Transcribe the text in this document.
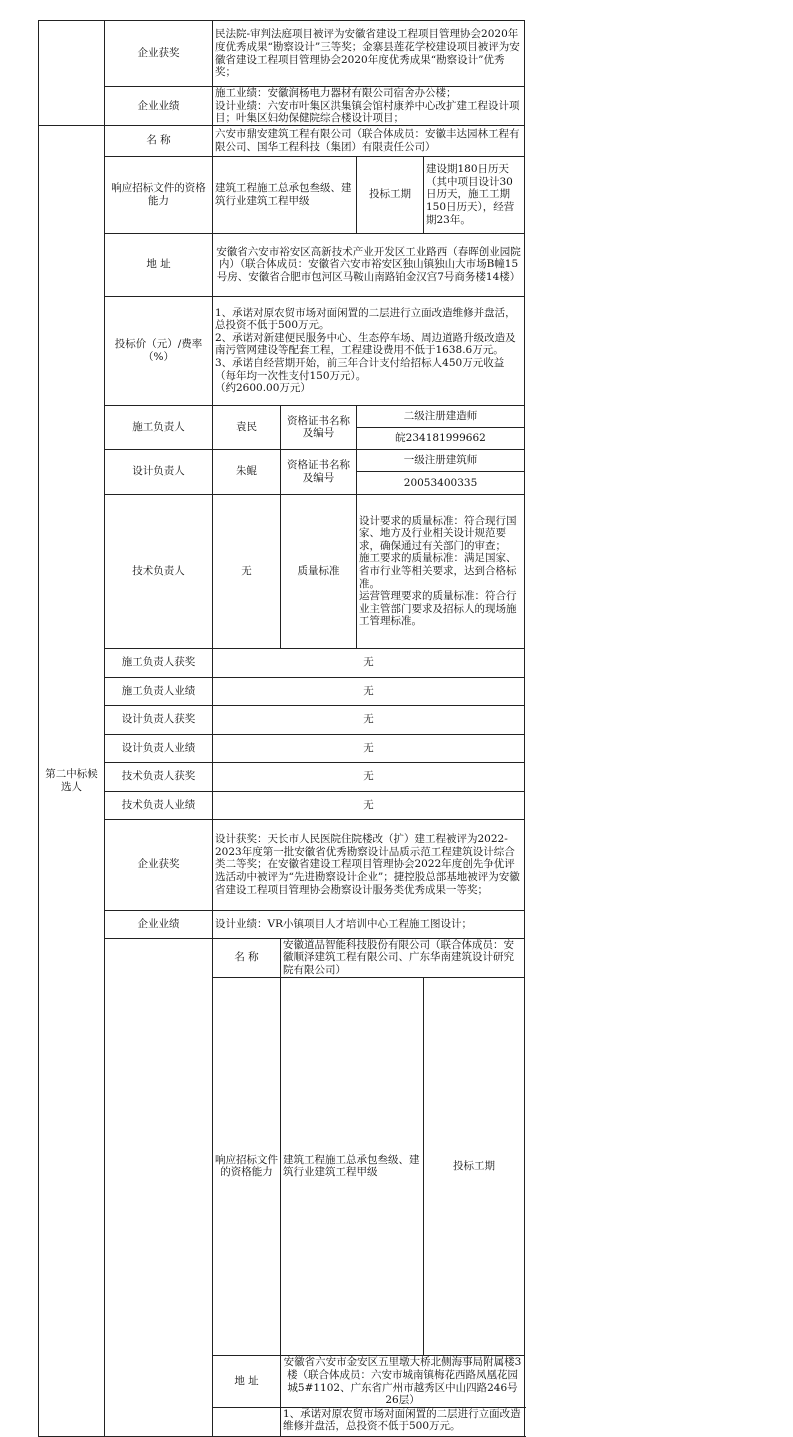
	企业获奖	民法院-审判法庭项目被评为安徽省建设工程项目管理协会2020年度优秀成果“勘察设计”三等奖；金寨县莲花学校建设项目被评为安徽省建设工程项目管理协会2020年度优秀成果“勘察设计”优秀奖；				
	企业业绩	施工业绩：安徽润杨电力器材有限公司宿舍办公楼；
设计业绩：六安市叶集区洪集镇会馆村康养中心改扩建工程设计项目；叶集区妇幼保健院综合楼设计项目；				
第二中标候选人	名 称	六安市鼎安建筑工程有限公司（联合体成员：安徽丰达园林工程有限公司、国华工程科技（集团）有限责任公司）				
	响应招标文件的资格能力	建筑工程施工总承包叁级、建筑行业建筑工程甲级		投标工期	建设期180日历天（其中项目设计30日历天，施工工期150日历天），经营期23年。	
	地 址	安徽省六安市裕安区高新技术产业开发区工业路西（春晖创业园院内）（联合体成员：安徽省六安市裕安区独山镇独山大市场B幢15号房、安徽省合肥市包河区马鞍山南路铂金汉宫7号商务楼14楼）				
	投标价（元）/费率（%）	1、承诺对原农贸市场对面闲置的二层进行立面改造维修并盘活，总投资不低于500万元。
2、承诺对新建便民服务中心、生态停车场、周边道路升级改造及南污管网建设等配套工程，工程建设费用不低于1638.6万元。
3、承诺自经营期开始，前三年合计支付给招标人450万元收益（每年均一次性支付150万元）。
（约2600.00万元）				
	施工负责人	袁民	资格证书名称及编号	二级注册建造师
皖234181999662		

	设计负责人	朱鲲	资格证书名称及编号	一级注册建筑师
20053400335		

	技术负责人	无	质量标准	设计要求的质量标准：符合现行国家、地方及行业相关设计规范要求，确保通过有关部门的审查；
施工要求的质量标准：满足国家、省市行业等相关要求，达到合格标准。
运营管理要求的质量标准：符合行业主管部门要求及招标人的现场施工管理标准。		
	施工负责人获奖	无				
	施工负责人业绩	无				
	设计负责人获奖	无				
	设计负责人业绩	无				
	技术负责人获奖	无				
	技术负责人业绩	无				
	企业获奖	设计获奖：天长市人民医院住院楼改（扩）建工程被评为2022-2023年度第一批安徽省优秀勘察设计品质示范工程建筑设计综合类二等奖；在安徽省建设工程项目管理协会2022年度创先争优评选活动中被评为“先进勘察设计企业”；捷控股总部基地被评为安徽省建设工程项目管理协会勘察设计服务类优秀成果一等奖；				
	企业业绩	设计业绩：VR小镇项目人才培训中心工程施工图设计；				
		名 称	安徽道品智能科技股份有限公司（联合体成员：安徽顺泽建筑工程有限公司、广东华南建筑设计研究院有限公司）			
		响应招标文件的资格能力	建筑工程施工总承包叁级、建筑行业建筑工程甲级		投标工期	
		地 址	安徽省六安市金安区五里墩大桥北侧海事局附属楼3楼（联合体成员：六安市城南镇梅花西路凤凰花园城5#1102、广东省广州市越秀区中山四路246号26层）			
			1、承诺对原农贸市场对面闲置的二层进行立面改造维修并盘活，总投资不低于500万元。			
